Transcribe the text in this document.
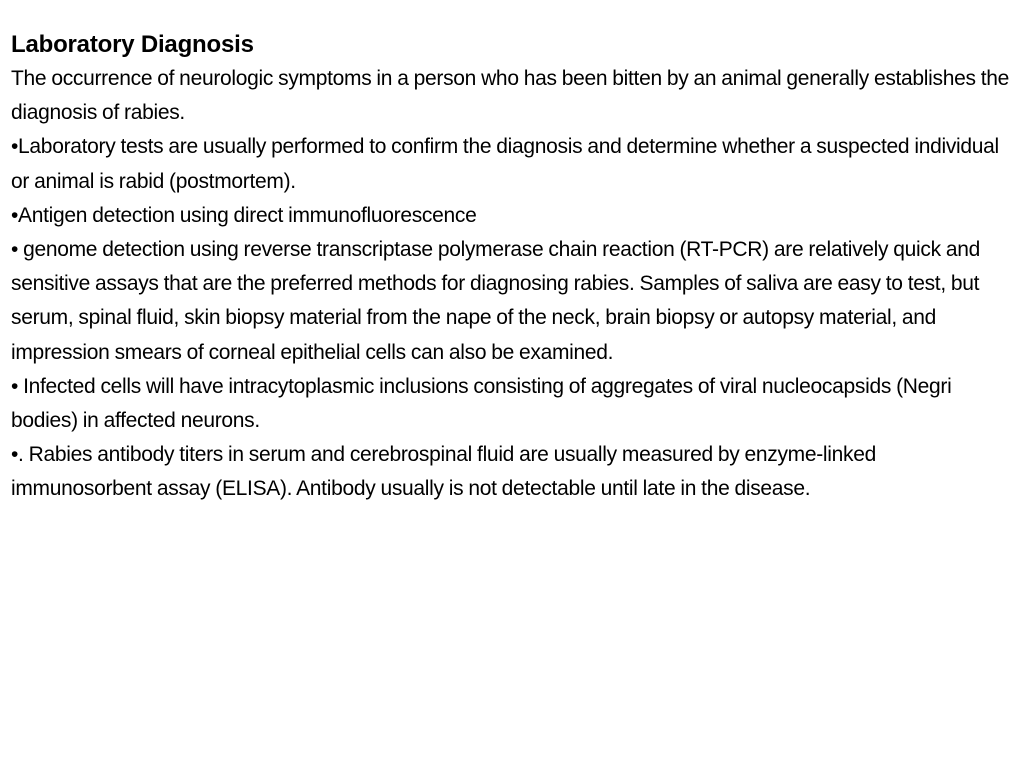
Laboratory Diagnosis

The occurrence of neurologic symptoms in a person who has been bitten by an animal generally establishes the diagnosis of rabies.

•Laboratory tests are usually performed to confirm the diagnosis and determine whether a suspected individual or animal is rabid (postmortem).

•Antigen detection using direct immunofluorescence

• genome detection using reverse transcriptase polymerase chain reaction (RT-PCR) are relatively quick and sensitive assays that are the preferred methods for diagnosing rabies. Samples of saliva are easy to test, but serum, spinal fluid, skin biopsy material from the nape of the neck, brain biopsy or autopsy material, and impression smears of corneal epithelial cells can also be examined.

• Infected cells will have intracytoplasmic inclusions consisting of aggregates of viral nucleocapsids (Negri bodies) in affected neurons.

•. Rabies antibody titers in serum and cerebrospinal fluid are usually measured by enzyme-linked immunosorbent assay (ELISA). Antibody usually is not detectable until late in the disease.
